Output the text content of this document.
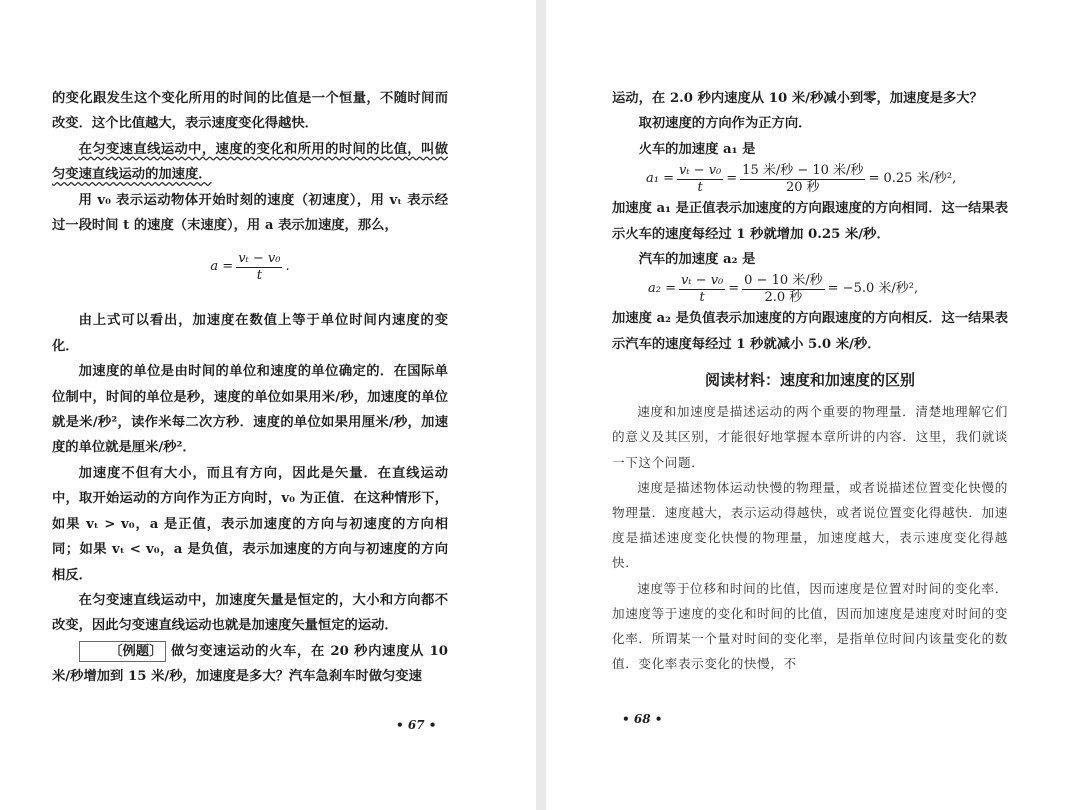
的变化跟发生这个变化所用的时间的比值是一个恒量，不随时间而改变．这个比值越大，表示速度变化得越快．

在匀变速直线运动中，速度的变化和所用的时间的比值，叫做匀变速直线运动的加速度．

用 v₀ 表示运动物体开始时刻的速度（初速度），用 vₜ 表示经过一段时间 t 的速度（末速度），用 a 表示加速度，那么，

$a = \frac{\text{vₜ − v₀}}{t}$ .

由上式可以看出，加速度在数值上等于单位时间内速度的变化．

加速度的单位是由时间的单位和速度的单位确定的．在国际单位制中，时间的单位是秒，速度的单位如果用米/秒，加速度的单位就是米/秒²，读作米每二次方秒．速度的单位如果用厘米/秒，加速度的单位就是厘米/秒²．

加速度不但有大小，而且有方向，因此是矢量．在直线运动中，取开始运动的方向作为正方向时，v₀ 为正值．在这种情形下，如果 vₜ > v₀，a 是正值，表示加速度的方向与初速度的方向相同；如果 vₜ < v₀，a 是负值，表示加速度的方向与初速度的方向相反．

在匀变速直线运动中，加速度矢量是恒定的，大小和方向都不改变，因此匀变速直线运动也就是加速度矢量恒定的运动．

〔例题〕 做匀变速运动的火车，在 20 秒内速度从 10 米/秒增加到 15 米/秒，加速度是多大？汽车急刹车时做匀变速

• 67 •

运动，在 2.0 秒内速度从 10 米/秒减小到零，加速度是多大？

取初速度的方向作为正方向．

火车的加速度 a₁ 是

$a_1 = \frac{\text{vₜ − v₀}}{t} = \frac{\text{15 米/秒 − 10 米/秒}}{\text{20 秒}} = 0.25$ 米/秒²,

加速度 a₁ 是正值表示加速度的方向跟速度的方向相同．这一结果表示火车的速度每经过 1 秒就增加 0.25 米/秒．

汽车的加速度 a₂ 是

$a_2 = \frac{\text{vₜ − v₀}}{t} = \frac{\text{0 − 10 米/秒}}{\text{2.0 秒}} = -5.0$ 米/秒²,

加速度 a₂ 是负值表示加速度的方向跟速度的方向相反．这一结果表示汽车的速度每经过 1 秒就减小 5.0 米/秒．

阅读材料：速度和加速度的区别

速度和加速度是描述运动的两个重要的物理量．清楚地理解它们的意义及其区别，才能很好地掌握本章所讲的内容．这里，我们就谈一下这个问题．

速度是描述物体运动快慢的物理量，或者说描述位置变化快慢的物理量．速度越大，表示运动得越快，或者说位置变化得越快．加速度是描述速度变化快慢的物理量，加速度越大，表示速度变化得越快．

速度等于位移和时间的比值，因而速度是位置对时间的变化率．加速度等于速度的变化和时间的比值，因而加速度是速度对时间的变化率．所谓某一个量对时间的变化率，是指单位时间内该量变化的数值．变化率表示变化的快慢，不

• 68 •
